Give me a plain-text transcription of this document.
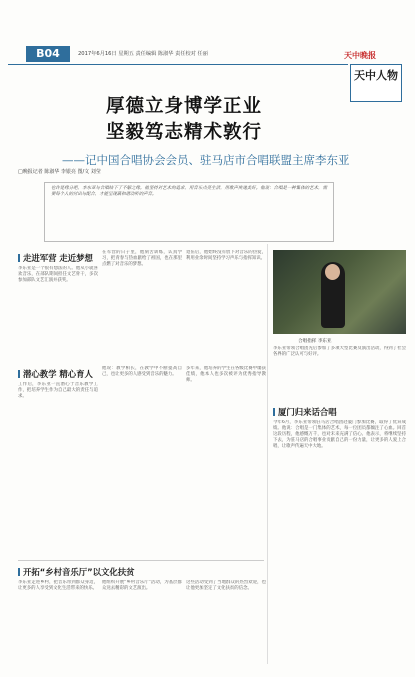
B04	2017年6月16日 星期五 责任编辑 陈淑华 责任校对 任丽	天中晚报
天中人物
厚德立身博学正业
坚毅笃志精术敦行
——记中国合唱协会会员、驻马店市合唱联盟主席李东亚
□晚报记者 陈淑华 李银亮 图/文 刘莹
也许是缘分吧，李东亚与合唱结下了不解之缘。他坚持对艺术的追求，用音乐点亮生活，用歌声传递美好。他说：合唱是一种集体的艺术，需要每个人的付出与配合，才能呈现最和谐动听的声音。
走进军营 走近梦想
李东亚是一个很有想法的人。他从小就喜欢音乐，在部队期间担任文艺骨干，多次参加部队文艺汇演并获奖。
在军营的日子里，他刻苦训练，认真学习，把青春与热血献给了祖国，也在那里点燃了对音乐的梦想。
退伍后，他始终没有放下对音乐的热爱，利用业余时间坚持学习声乐与指挥知识。
合唱指挥 李东亚
潜心教学 精心育人
工作后，李东亚一直潜心于音乐教学工作，把培养学生作为自己最大的责任与追求。
他说：教学相长，在教学中不断提高自己，也让更多的人感受到音乐的魅力。
多年来，他培养的学生在各级比赛中屡获佳绩，他本人也多次被评为优秀指导教师。
开拓“乡村音乐厅”以文化扶贫
李东亚走进乡村，把音乐带到群众身边，让更多的人享受到文化生活带来的快乐。
他组织开展“乡村音乐厅”活动，为基层群众送去精彩的文艺演出。
这些活动受到了当地群众的热烈欢迎，也让他更加坚定了文化扶贫的信念。
李东亚带领合唱团先后参加了多项大型比赛及演出活动，得到了社会各界的广泛认可与好评。
厦门归来话合唱
今年6月，李东亚带领驻马店合唱团赴厦门参加比赛，取得了优异成绩。他说：合唱是一门集体的艺术，每一位团员都倾注了心血。回首这段历程，他感慨万千，也对未来充满了信心。他表示，将继续坚持下去，为驻马店的合唱事业贡献自己的一份力量，让更多的人爱上合唱，让歌声传遍天中大地。
